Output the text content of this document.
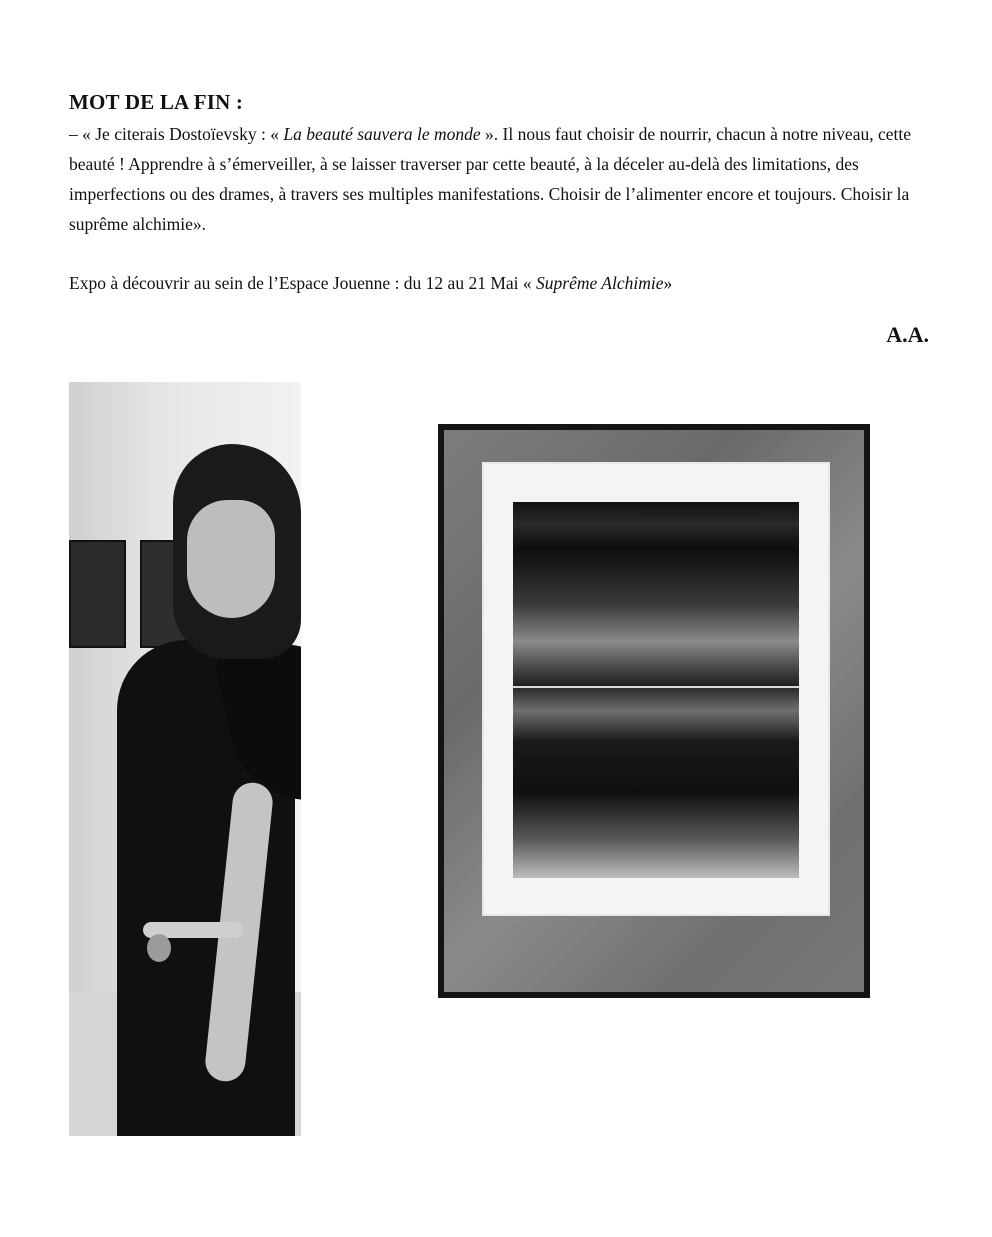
MOT DE LA FIN :

– « Je citerais Dostoïevsky : « La beauté sauvera le monde ». Il nous faut choisir de nourrir, chacun à notre niveau, cette beauté ! Apprendre à s’émerveiller, à se laisser traverser par cette beauté, à la déceler au-delà des limitations, des imperfections ou des drames, à travers ses multiples manifestations. Choisir de l’alimenter encore et toujours. Choisir la suprême alchimie».

Expo à découvrir au sein de l’Espace Jouenne : du 12 au 21 Mai « Suprême Alchimie»

A.A.
